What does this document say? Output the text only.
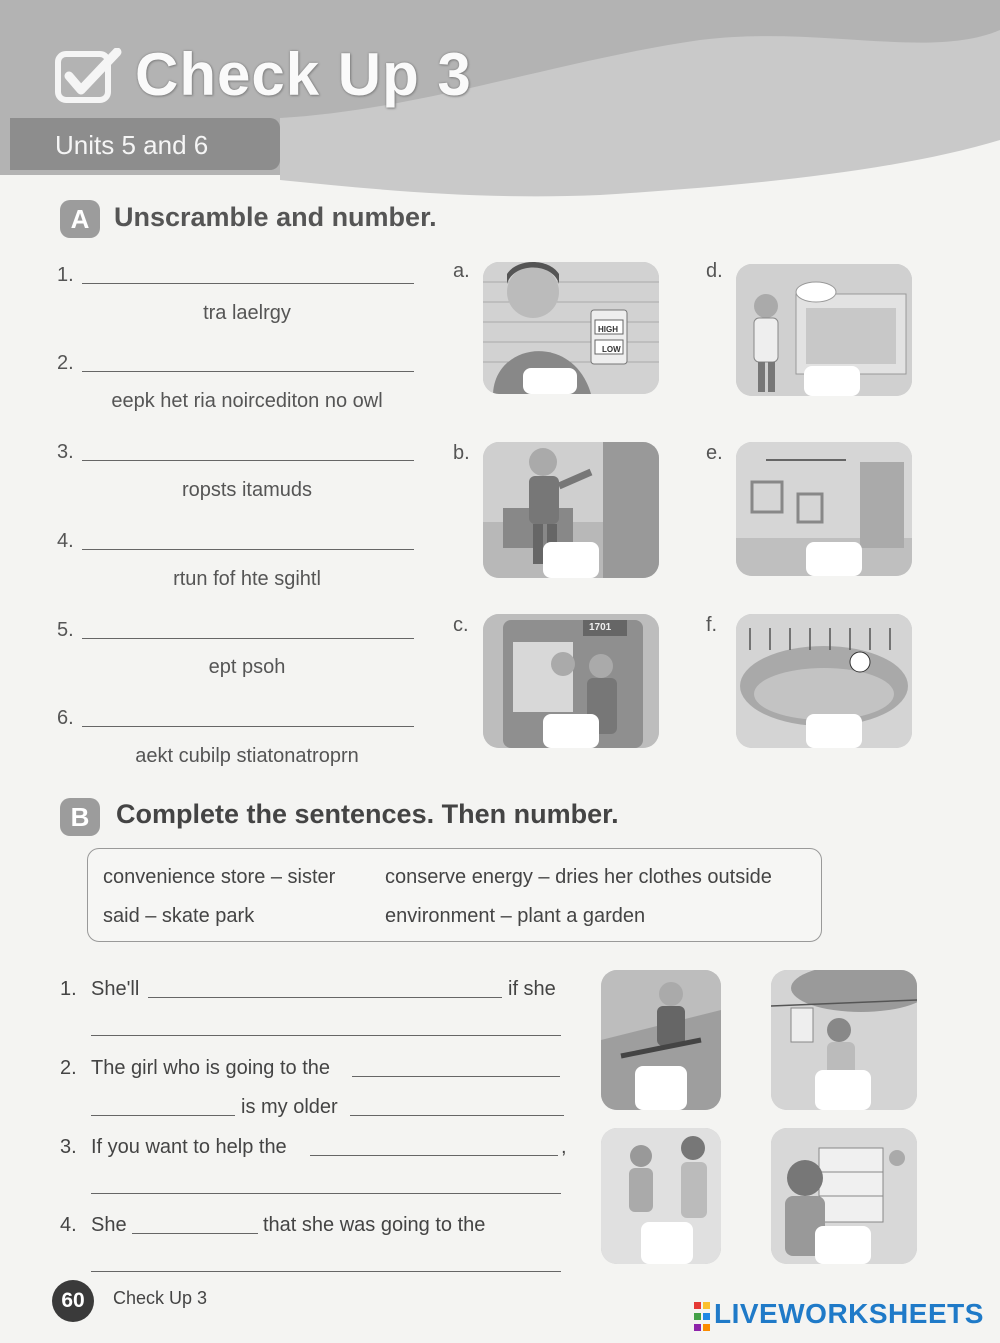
Check Up 3
Units 5 and 6
A Unscramble and number.
1.
tra laelrgy
2.
eepk het ria noircediton no owl
3.
ropsts itamuds
4.
rtun fof hte sgihtl
5.
ept psoh
6.
aekt cubilp stiatonatroprn
a.
b.
c.
d.
e.
f.
HIGH
LOW
1701
B Complete the sentences. Then number.
convenience store – sister conserve energy – dries her clothes outside
said – skate park	environment – plant a garden
1. She'll	if she
2. The girl who is going to the
is my older
3. If you want to help the	,
4. She	that she was going to the
60	Check Up 3	LIVEWORKSHEETS
